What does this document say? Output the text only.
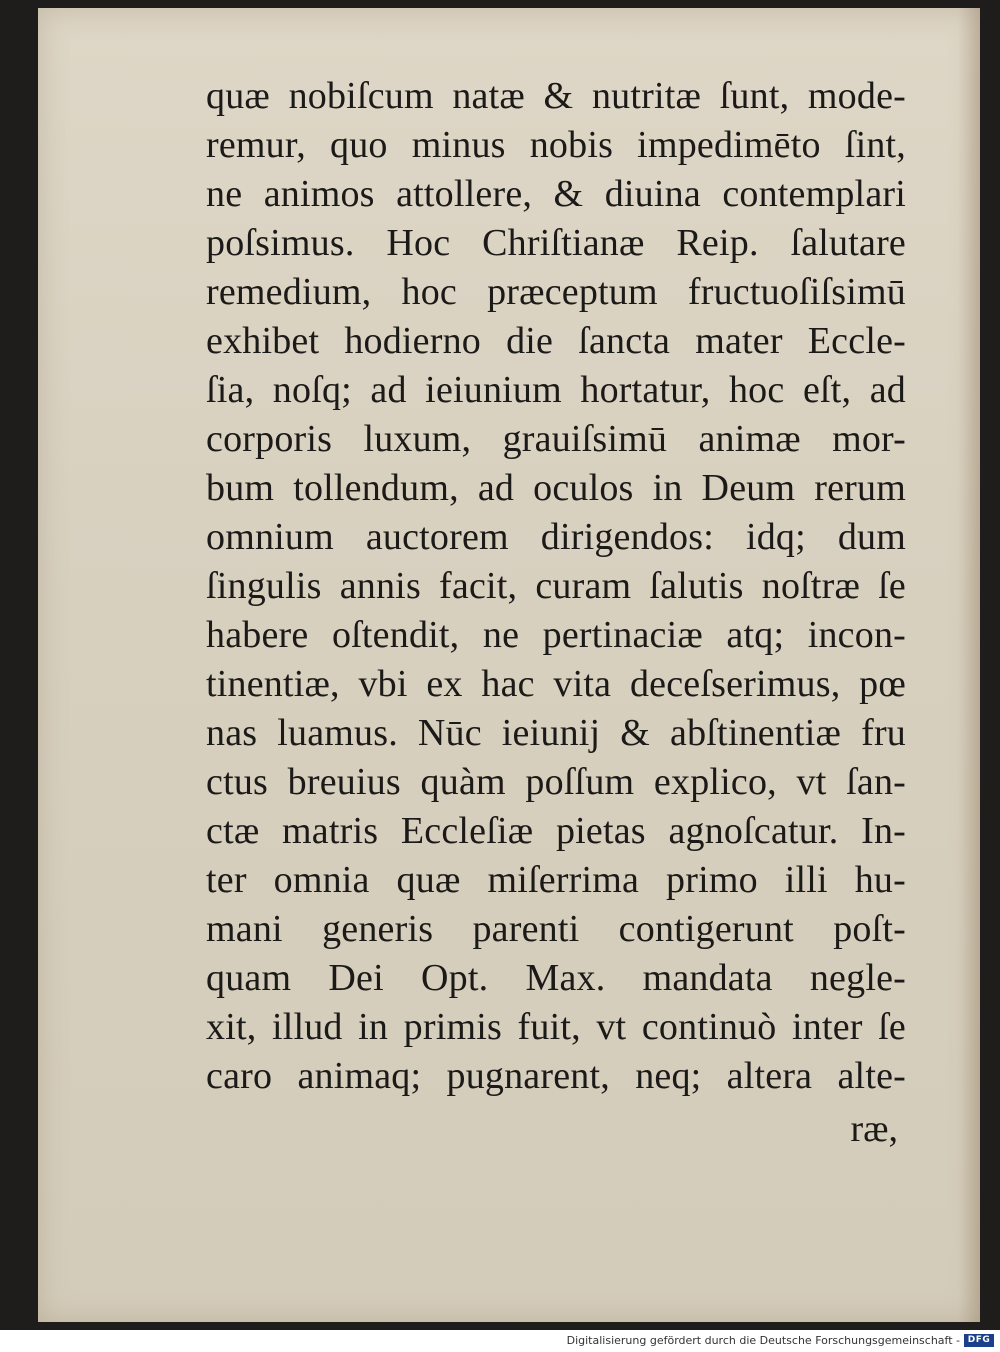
quæ nobiſcum natæ & nutritæ ſunt, mode-
remur, quo minus nobis impedimēto ſint,
ne animos attollere, & diuina contemplari
poſsimus. Hoc Chriſtianæ Reip. ſalutare
remedium, hoc præceptum fructuoſiſsimū
exhibet hodierno die ſancta mater Eccle-
ſia, noſq; ad ieiunium hortatur, hoc eſt, ad
corporis luxum, grauiſsimū animæ mor-
bum tollendum, ad oculos in Deum rerum
omnium auctorem dirigendos: idq; dum
ſingulis annis facit, curam ſalutis noſtræ ſe
habere oſtendit, ne pertinaciæ atq; incon-
tinentiæ, vbi ex hac vita deceſserimus, pœ
nas luamus. Nūc ieiunij & abſtinentiæ fru
ctus breuius quàm poſſum explico, vt ſan-
ctæ matris Eccleſiæ pietas agnoſcatur. In-
ter omnia quæ miſerrima primo illi hu-
mani generis parenti contigerunt poſt-
quam Dei Opt. Max. mandata negle-
xit, illud in primis fuit, vt continuò inter ſe
caro animaq; pugnarent, neq; altera alte-
ræ,
Digitalisierung gefördert durch die Deutsche Forschungsgemeinschaft - DFG
